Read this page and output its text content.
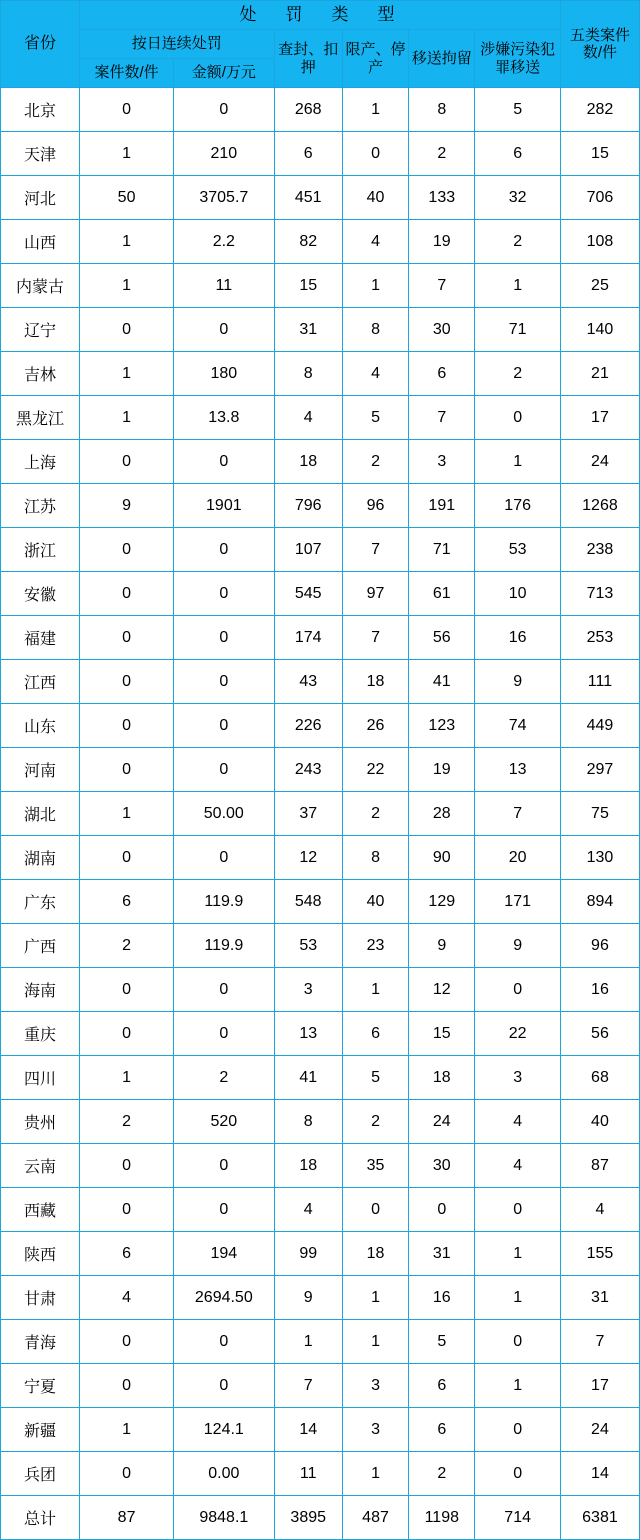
省份	处　罚　类　型						五类案件数/件
	按日连续处罚		查封、扣押	限产、停产	移送拘留	涉嫌污染犯罪移送	
	案件数/件	金额/万元					
北京	0	0	268	1	8	5	282
天津	1	210	6	0	2	6	15
河北	50	3705.7	451	40	133	32	706
山西	1	2.2	82	4	19	2	108
内蒙古	1	11	15	1	7	1	25
辽宁	0	0	31	8	30	71	140
吉林	1	180	8	4	6	2	21
黑龙江	1	13.8	4	5	7	0	17
上海	0	0	18	2	3	1	24
江苏	9	1901	796	96	191	176	1268
浙江	0	0	107	7	71	53	238
安徽	0	0	545	97	61	10	713
福建	0	0	174	7	56	16	253
江西	0	0	43	18	41	9	111
山东	0	0	226	26	123	74	449
河南	0	0	243	22	19	13	297
湖北	1	50.00	37	2	28	7	75
湖南	0	0	12	8	90	20	130
广东	6	119.9	548	40	129	171	894
广西	2	119.9	53	23	9	9	96
海南	0	0	3	1	12	0	16
重庆	0	0	13	6	15	22	56
四川	1	2	41	5	18	3	68
贵州	2	520	8	2	24	4	40
云南	0	0	18	35	30	4	87
西藏	0	0	4	0	0	0	4
陕西	6	194	99	18	31	1	155
甘肃	4	2694.50	9	1	16	1	31
青海	0	0	1	1	5	0	7
宁夏	0	0	7	3	6	1	17
新疆	1	124.1	14	3	6	0	24
兵团	0	0.00	11	1	2	0	14
总计	87	9848.1	3895	487	1198	714	6381
